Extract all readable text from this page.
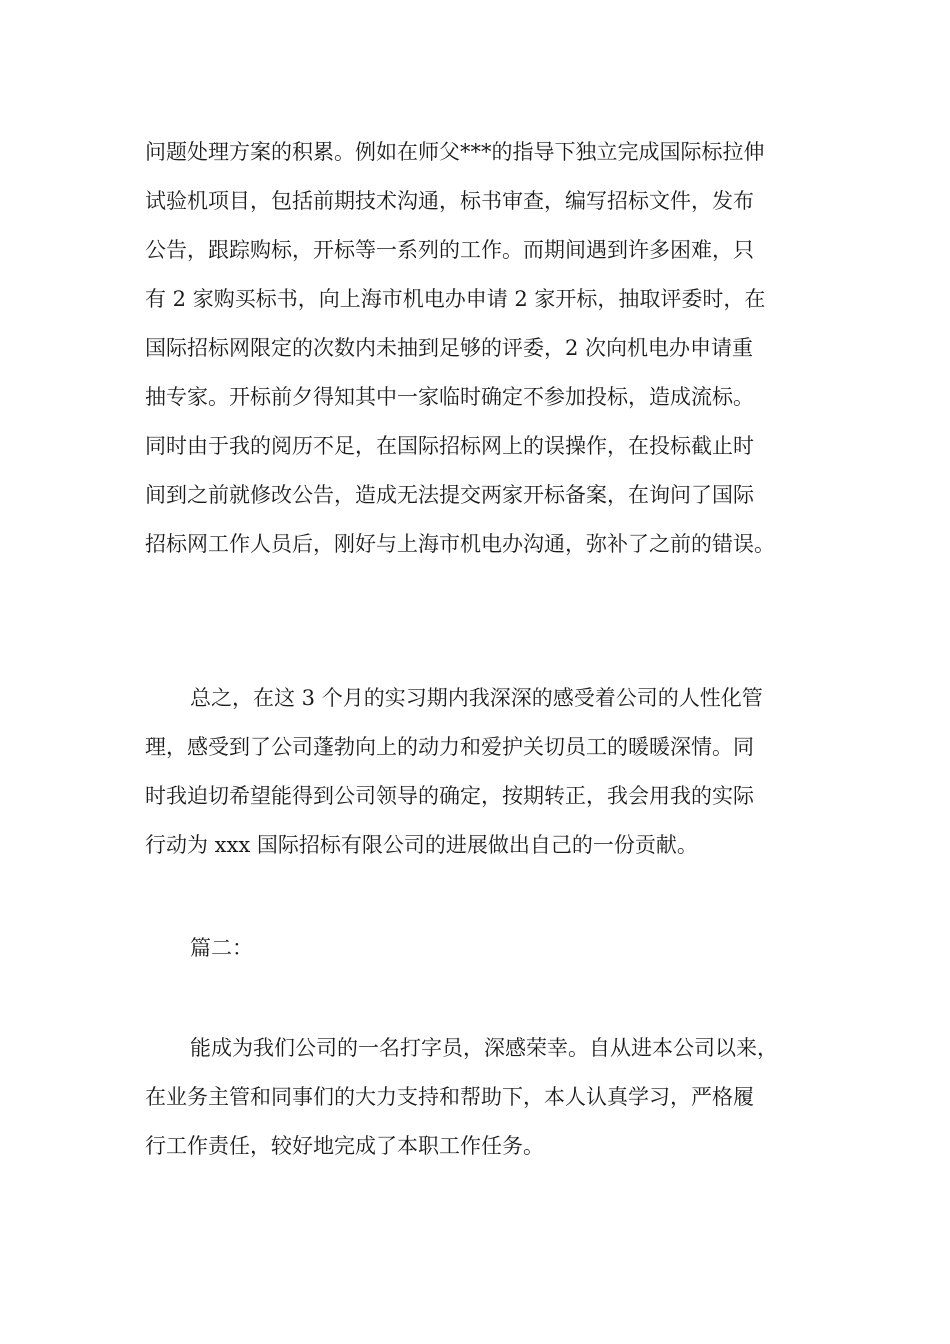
问题处理方案的积累。例如在师父***的指导下独立完成国际标拉伸

试验机项目，包括前期技术沟通，标书审查，编写招标文件，发布

公告，跟踪购标，开标等一系列的工作。而期间遇到许多困难，只

有 2 家购买标书，向上海市机电办申请 2 家开标，抽取评委时，在

国际招标网限定的次数内未抽到足够的评委，2 次向机电办申请重

抽专家。开标前夕得知其中一家临时确定不参加投标，造成流标。

同时由于我的阅历不足，在国际招标网上的误操作，在投标截止时

间到之前就修改公告，造成无法提交两家开标备案，在询问了国际

招标网工作人员后，刚好与上海市机电办沟通，弥补了之前的错误。

总之，在这 3 个月的实习期内我深深的感受着公司的人性化管

理，感受到了公司蓬勃向上的动力和爱护关切员工的暖暖深情。同

时我迫切希望能得到公司领导的确定，按期转正，我会用我的实际

行动为 xxx 国际招标有限公司的进展做出自己的一份贡献。

篇二：

能成为我们公司的一名打字员，深感荣幸。自从进本公司以来，

在业务主管和同事们的大力支持和帮助下，本人认真学习，严格履

行工作责任，较好地完成了本职工作任务。
